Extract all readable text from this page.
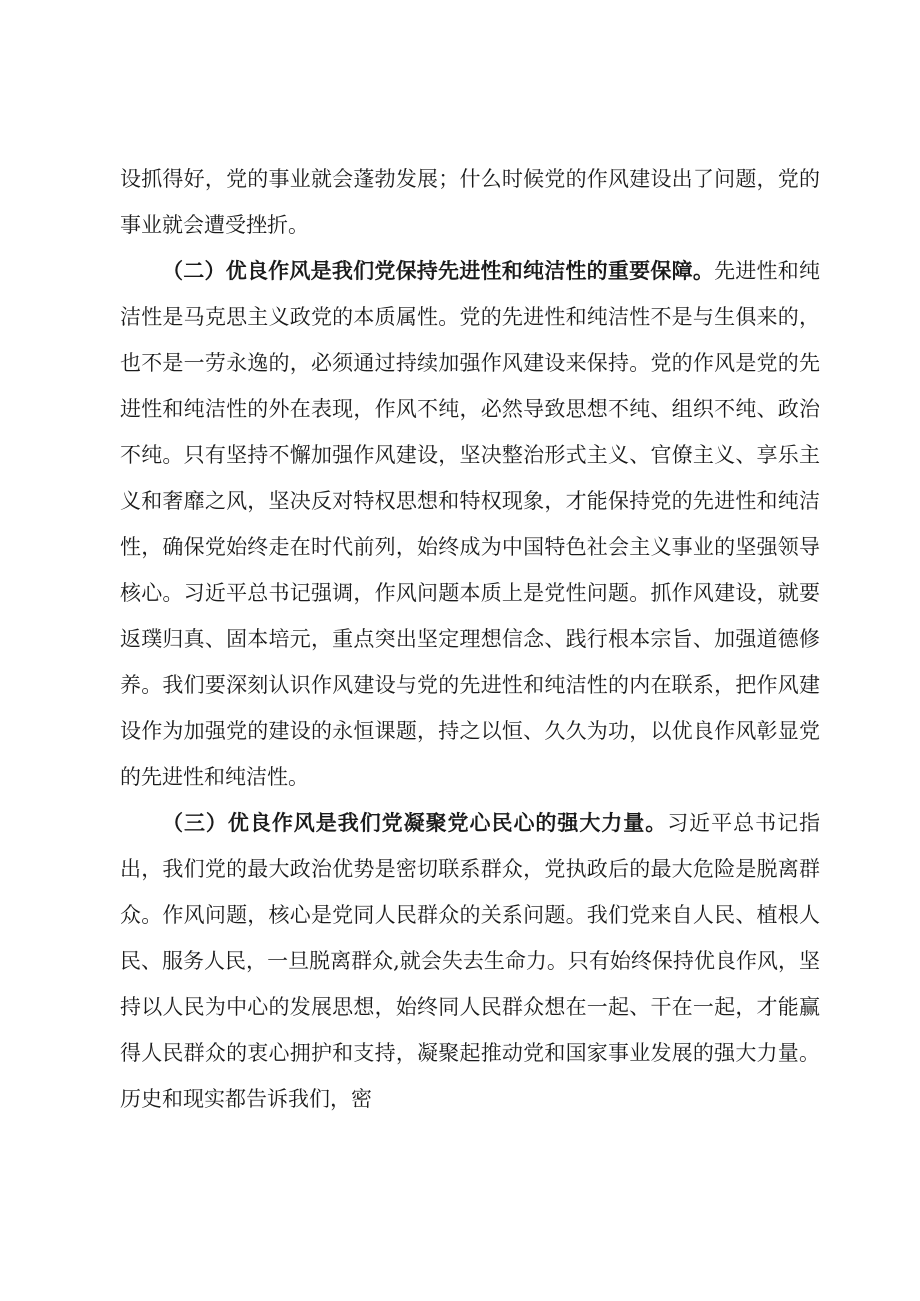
设抓得好，党的事业就会蓬勃发展；什么时候党的作风建设出了问题，党的事业就会遭受挫折。

（二）优良作风是我们党保持先进性和纯洁性的重要保障。先进性和纯洁性是马克思主义政党的本质属性。党的先进性和纯洁性不是与生俱来的，也不是一劳永逸的，必须通过持续加强作风建设来保持。党的作风是党的先进性和纯洁性的外在表现，作风不纯，必然导致思想不纯、组织不纯、政治不纯。只有坚持不懈加强作风建设，坚决整治形式主义、官僚主义、享乐主义和奢靡之风，坚决反对特权思想和特权现象，才能保持党的先进性和纯洁性，确保党始终走在时代前列，始终成为中国特色社会主义事业的坚强领导核心。习近平总书记强调，作风问题本质上是党性问题。抓作风建设，就要返璞归真、固本培元，重点突出坚定理想信念、践行根本宗旨、加强道德修养。我们要深刻认识作风建设与党的先进性和纯洁性的内在联系，把作风建设作为加强党的建设的永恒课题，持之以恒、久久为功，以优良作风彰显党的先进性和纯洁性。

（三）优良作风是我们党凝聚党心民心的强大力量。习近平总书记指出，我们党的最大政治优势是密切联系群众，党执政后的最大危险是脱离群众。作风问题，核心是党同人民群众的关系问题。我们党来自人民、植根人民、服务人民，一旦脱离群众,就会失去生命力。只有始终保持优良作风，坚持以人民为中心的发展思想，始终同人民群众想在一起、干在一起，才能赢得人民群众的衷心拥护和支持，凝聚起推动党和国家事业发展的强大力量。历史和现实都告诉我们，密
